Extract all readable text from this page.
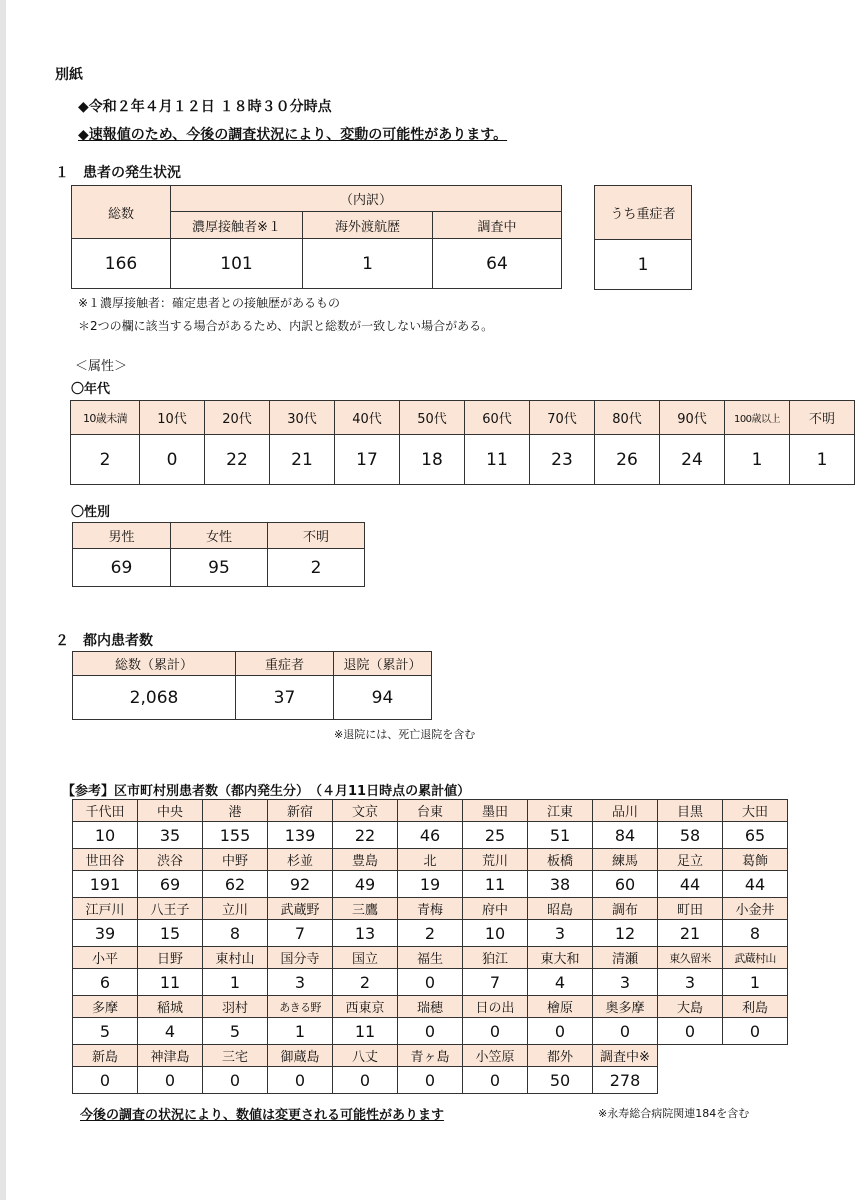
別紙
◆令和２年４月１２日 １８時３０分時点
◆速報値のため、今後の調査状況により、変動の可能性があります。
１　患者の発生状況
総数	（内訳）		
	濃厚接触者※１	海外渡航歴	調査中
166	101	1	64
うち重症者
1
※１濃厚接触者：確定患者との接触歴があるもの
＊2つの欄に該当する場合があるため、内訳と総数が一致しない場合がある。
＜属性＞
〇年代
10歳未満	10代	20代	30代	40代	50代	60代	70代	80代	90代	100歳以上	不明
2	0	22	21	17	18	11	23	26	24	1	1
〇性別
男性	女性	不明
69	95	2
２　都内患者数
総数（累計）	重症者	退院（累計）
2,068	37	94
※退院には、死亡退院を含む
【参考】区市町村別患者数（都内発生分）　（４月11日時点の累計値）
千代田	中央	港	新宿	文京	台東	墨田	江東	品川	目黒	大田
10	35	155	139	22	46	25	51	84	58	65
世田谷	渋谷	中野	杉並	豊島	北	荒川	板橋	練馬	足立	葛飾
191	69	62	92	49	19	11	38	60	44	44
江戸川	八王子	立川	武蔵野	三鷹	青梅	府中	昭島	調布	町田	小金井
39	15	8	7	13	2	10	3	12	21	8
小平	日野	東村山	国分寺	国立	福生	狛江	東大和	清瀬	東久留米	武蔵村山
6	11	1	3	2	0	7	4	3	3	1
多摩	稲城	羽村	あきる野	西東京	瑞穂	日の出	檜原	奥多摩	大島	利島
5	4	5	1	11	0	0	0	0	0	0
新島	神津島	三宅	御蔵島	八丈	青ヶ島	小笠原	都外	調査中※		
0	0	0	0	0	0	0	50	278		
今後の調査の状況により、数値は変更される可能性があります	※永寿総合病院関連184を含む
